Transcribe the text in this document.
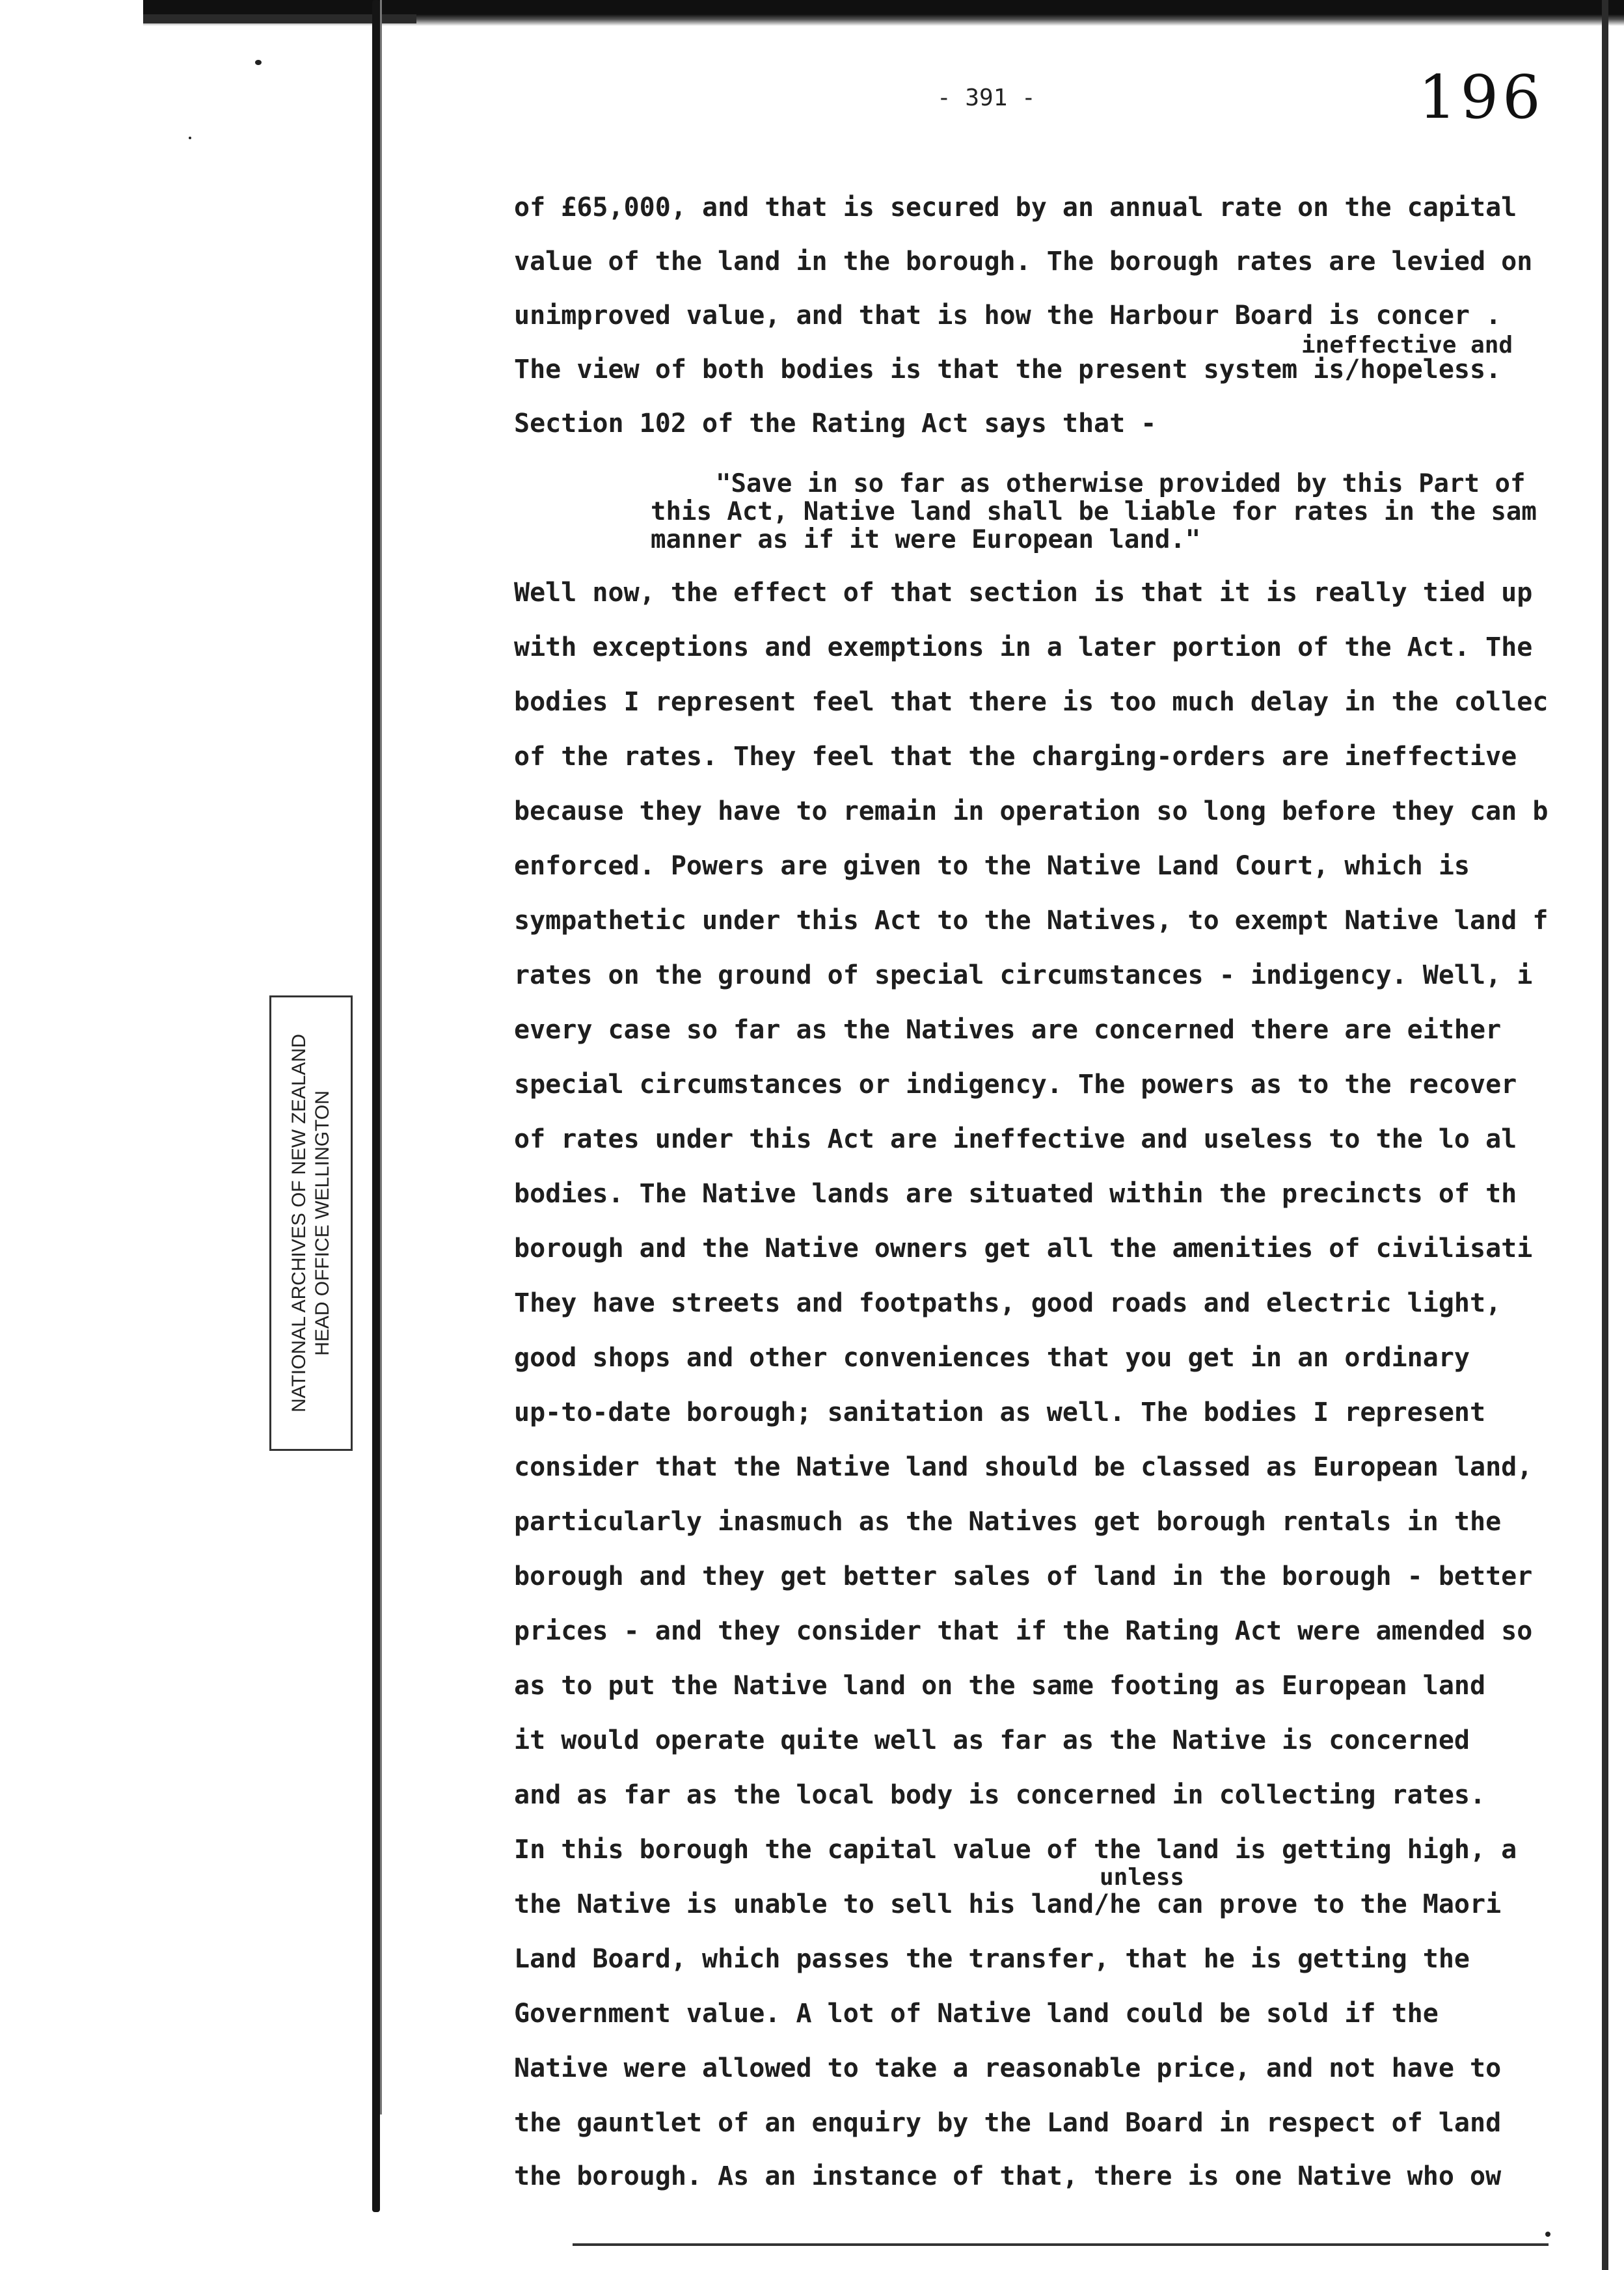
NATIONAL ARCHIVES OF NEW ZEALAND HEAD OFFICE WELLINGTON
- 391 -	196
of £65,000, and that is secured by an annual rate on the capital
value of the land in the borough. The borough rates are levied on
unimproved value, and that is how the Harbour Board is concer .
ineffective and
The view of both bodies is that the present system is/hopeless.
Section 102 of the Rating Act says that -
"Save in so far as otherwise provided by this Part of
this Act, Native land shall be liable for rates in the sam
manner as if it were European land."
Well now, the effect of that section is that it is really tied up
with exceptions and exemptions in a later portion of the Act. The
bodies I represent feel that there is too much delay in the collec
of the rates. They feel that the charging-orders are ineffective
because they have to remain in operation so long before they can b
enforced. Powers are given to the Native Land Court, which is
sympathetic under this Act to the Natives, to exempt Native land f
rates on the ground of special circumstances - indigency. Well, i
every case so far as the Natives are concerned there are either
special circumstances or indigency. The powers as to the recover
of rates under this Act are ineffective and useless to the lo al
bodies. The Native lands are situated within the precincts of th
borough and the Native owners get all the amenities of civilisati
They have streets and footpaths, good roads and electric light,
good shops and other conveniences that you get in an ordinary
up-to-date borough; sanitation as well. The bodies I represent
consider that the Native land should be classed as European land,
particularly inasmuch as the Natives get borough rentals in the
borough and they get better sales of land in the borough - better
prices - and they consider that if the Rating Act were amended so
as to put the Native land on the same footing as European land
it would operate quite well as far as the Native is concerned
and as far as the local body is concerned in collecting rates.
In this borough the capital value of the land is getting high, a
unless
the Native is unable to sell his land/he can prove to the Maori
Land Board, which passes the transfer, that he is getting the
Government value. A lot of Native land could be sold if the
Native were allowed to take a reasonable price, and not have to
the gauntlet of an enquiry by the Land Board in respect of land
the borough. As an instance of that, there is one Native who ow
